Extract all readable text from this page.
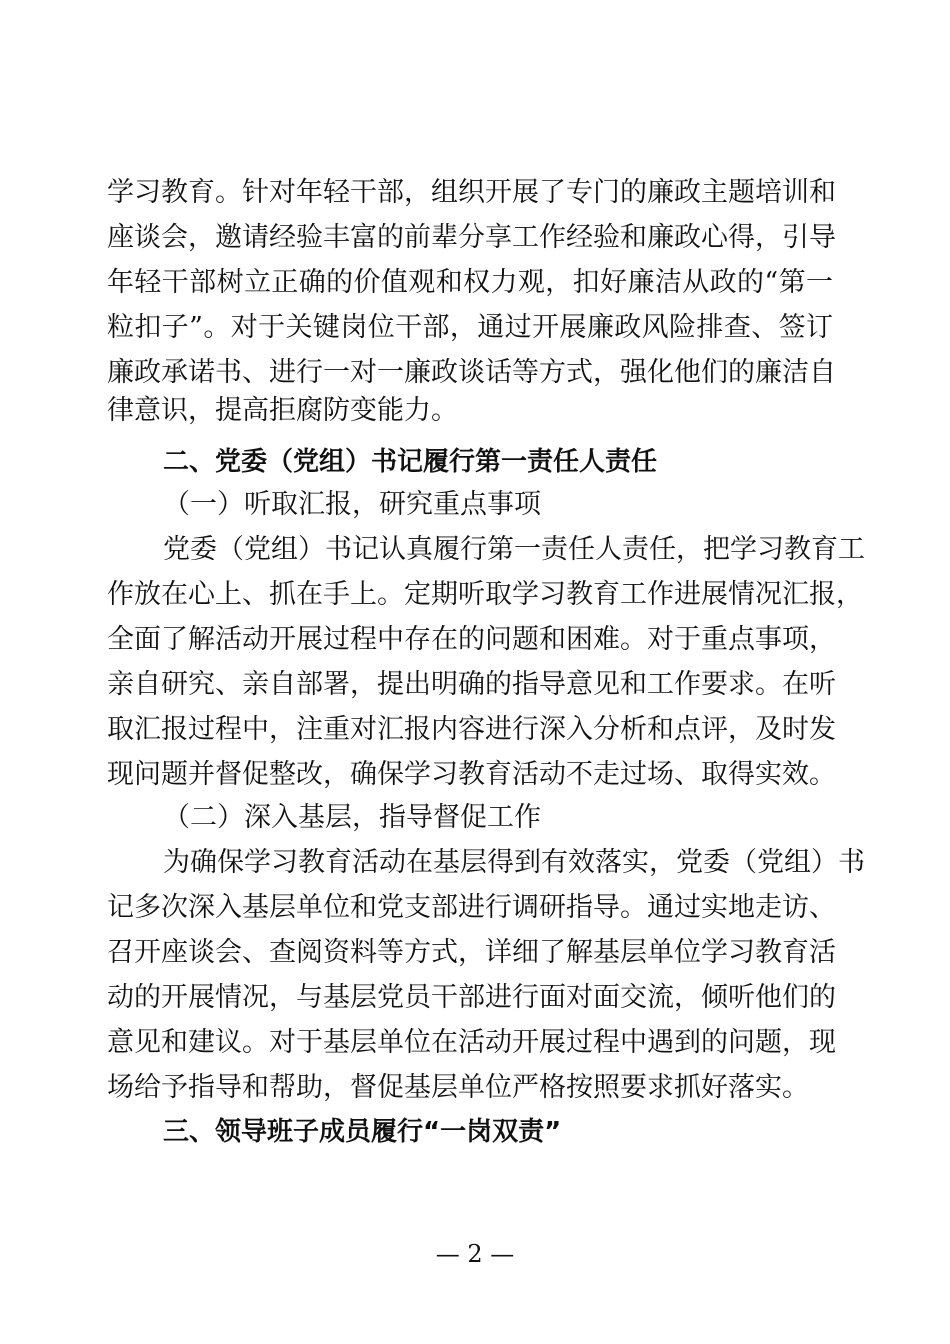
学习教育。针对年轻干部，组织开展了专门的廉政主题培训和
座谈会，邀请经验丰富的前辈分享工作经验和廉政心得，引导
年轻干部树立正确的价值观和权力观，扣好廉洁从政的“第一
粒扣子”。对于关键岗位干部，通过开展廉政风险排查、签订
廉政承诺书、进行一对一廉政谈话等方式，强化他们的廉洁自
律意识，提高拒腐防变能力。
二、党委（党组）书记履行第一责任人责任
（一）听取汇报，研究重点事项
党委（党组）书记认真履行第一责任人责任，把学习教育工
作放在心上、抓在手上。定期听取学习教育工作进展情况汇报，
全面了解活动开展过程中存在的问题和困难。对于重点事项，
亲自研究、亲自部署，提出明确的指导意见和工作要求。在听
取汇报过程中，注重对汇报内容进行深入分析和点评，及时发
现问题并督促整改，确保学习教育活动不走过场、取得实效。
（二）深入基层，指导督促工作
为确保学习教育活动在基层得到有效落实，党委（党组）书
记多次深入基层单位和党支部进行调研指导。通过实地走访、
召开座谈会、查阅资料等方式，详细了解基层单位学习教育活
动的开展情况，与基层党员干部进行面对面交流，倾听他们的
意见和建议。对于基层单位在活动开展过程中遇到的问题，现
场给予指导和帮助，督促基层单位严格按照要求抓好落实。
三、领导班子成员履行“一岗双责”
— 2 —
